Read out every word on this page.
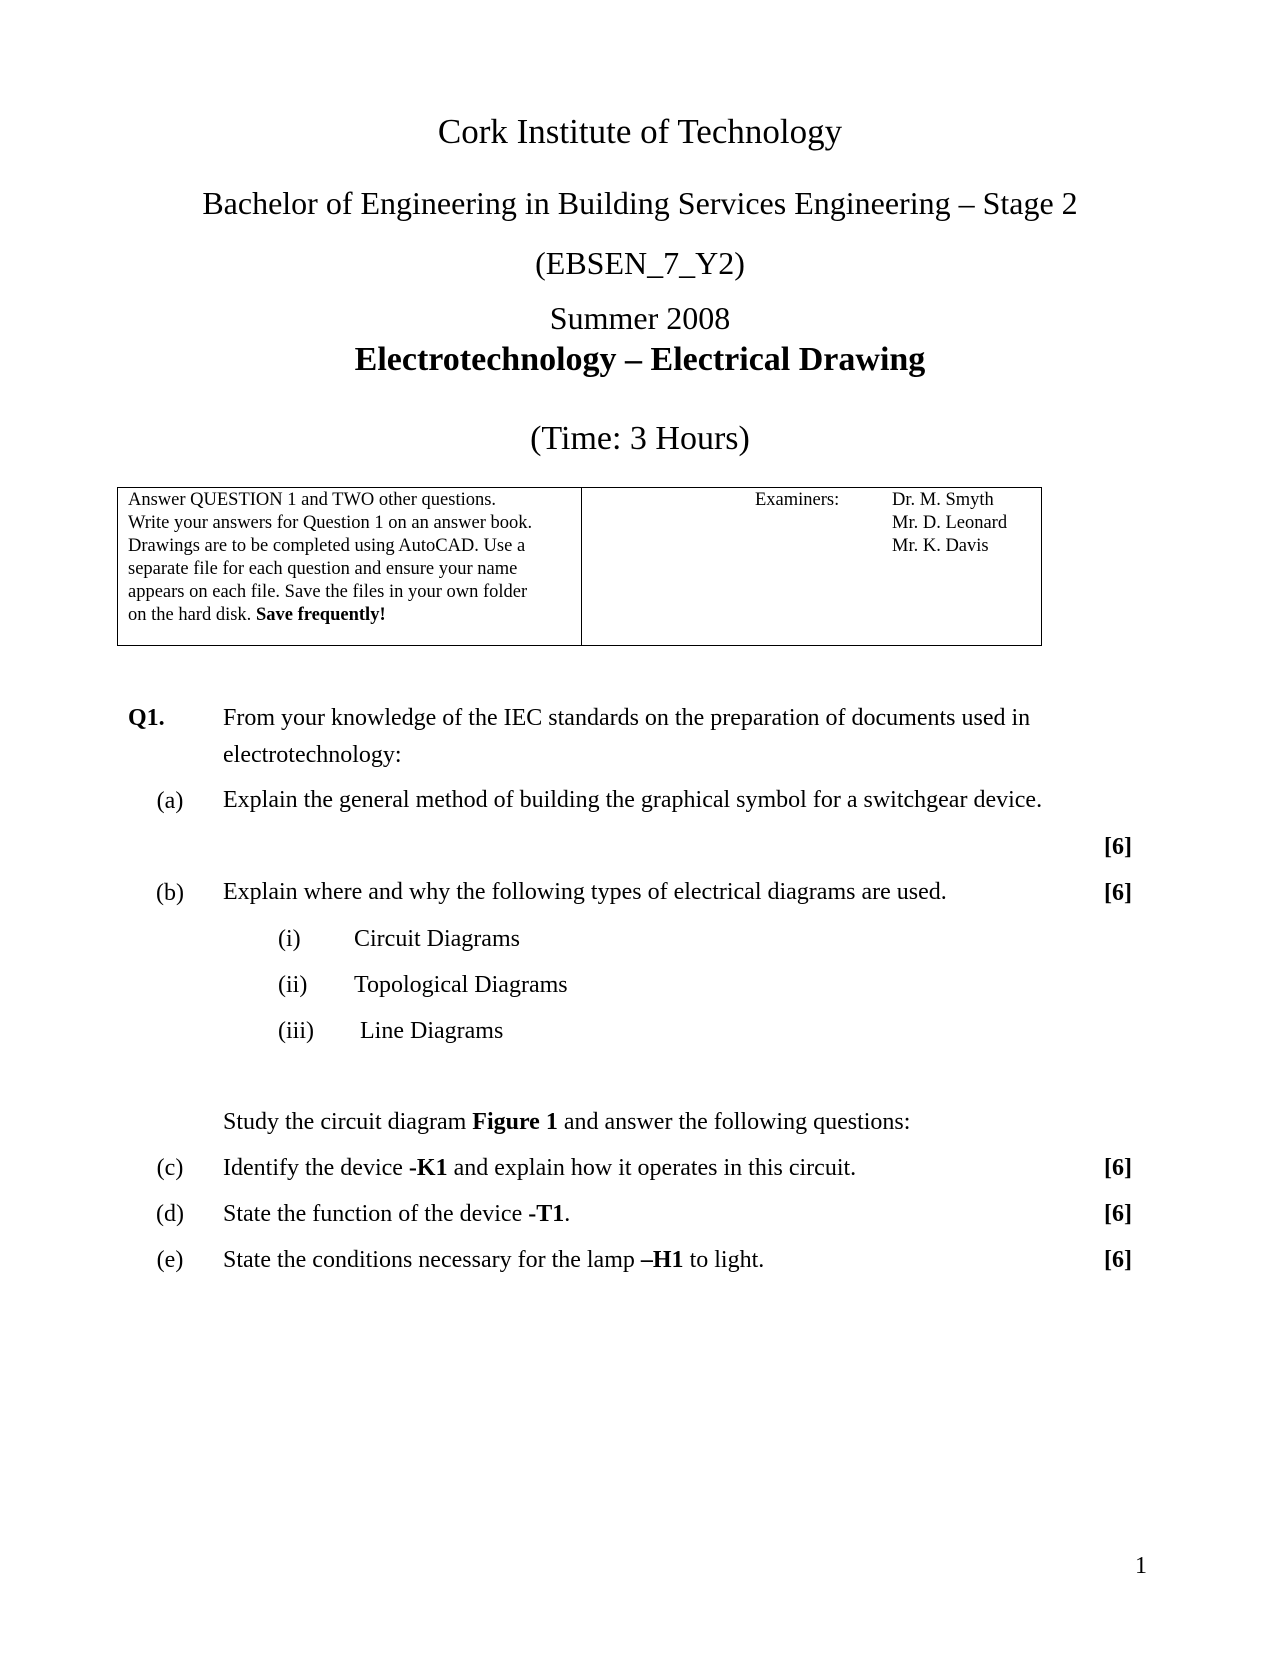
Cork Institute of Technology
Bachelor of Engineering in Building Services Engineering – Stage 2
(EBSEN_7_Y2)
Summer 2008
Electrotechnology – Electrical Drawing
(Time: 3 Hours)

Answer QUESTION 1 and TWO other questions.

Write your answers for Question 1 on an answer book.

Drawings are to be completed using AutoCAD. Use a

separate file for each question and ensure your name

appears on each file. Save the files in your own folder

on the hard disk. Save frequently!

Examiners:	Dr. M. Smyth
Mr. D. Leonard
Mr. K. Davis
Q1. From your knowledge of the IEC standards on the preparation of documents used in
electrotechnology:
(a)	Explain the general method of building the graphical symbol for a switchgear device.
[6]
(b)	Explain where and why the following types of electrical diagrams are used.	[6]
(i) Circuit Diagrams
(ii) Topological Diagrams
(iii) Line Diagrams
Study the circuit diagram Figure 1 and answer the following questions:
(c)	Identify the device -K1 and explain how it operates in this circuit.	[6]
(d)	State the function of the device -T1.	[6]
(e)	State the conditions necessary for the lamp –H1 to light.	[6]
1
